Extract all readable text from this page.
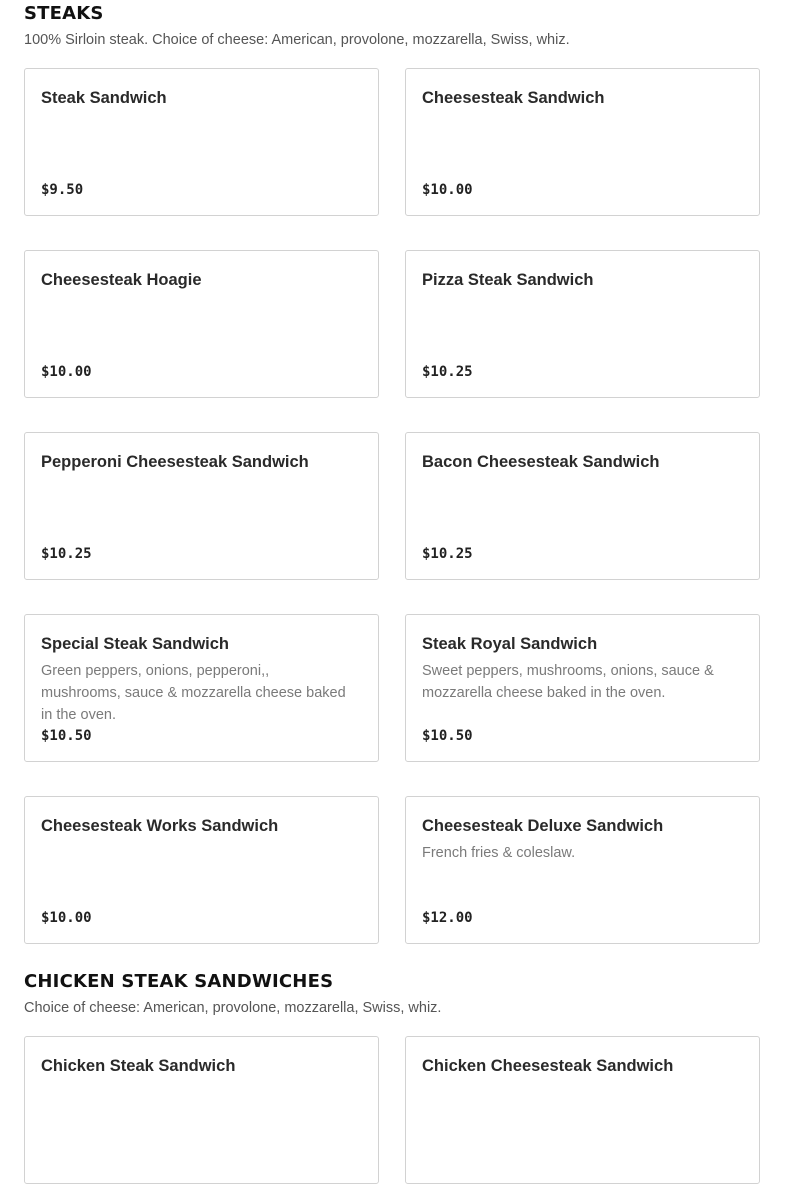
STEAKS

100% Sirloin steak. Choice of cheese: American, provolone, mozzarella, Swiss, whiz.

Steak Sandwich
$9.50
Cheesesteak Sandwich
$10.00
Cheesesteak Hoagie
$10.00
Pizza Steak Sandwich
$10.25
Pepperoni Cheesesteak Sandwich
$10.25
Bacon Cheesesteak Sandwich
$10.25
Special Steak Sandwich
Green peppers, onions, pepperoni,, mushrooms, sauce & mozzarella cheese baked in the oven.
$10.50
Steak Royal Sandwich
Sweet peppers, mushrooms, onions, sauce & mozzarella cheese baked in the oven.
$10.50
Cheesesteak Works Sandwich
$10.00
Cheesesteak Deluxe Sandwich
French fries & coleslaw.
$12.00
CHICKEN STEAK SANDWICHES

Choice of cheese: American, provolone, mozzarella, Swiss, whiz.

Chicken Steak Sandwich	Chicken Cheesesteak Sandwich
